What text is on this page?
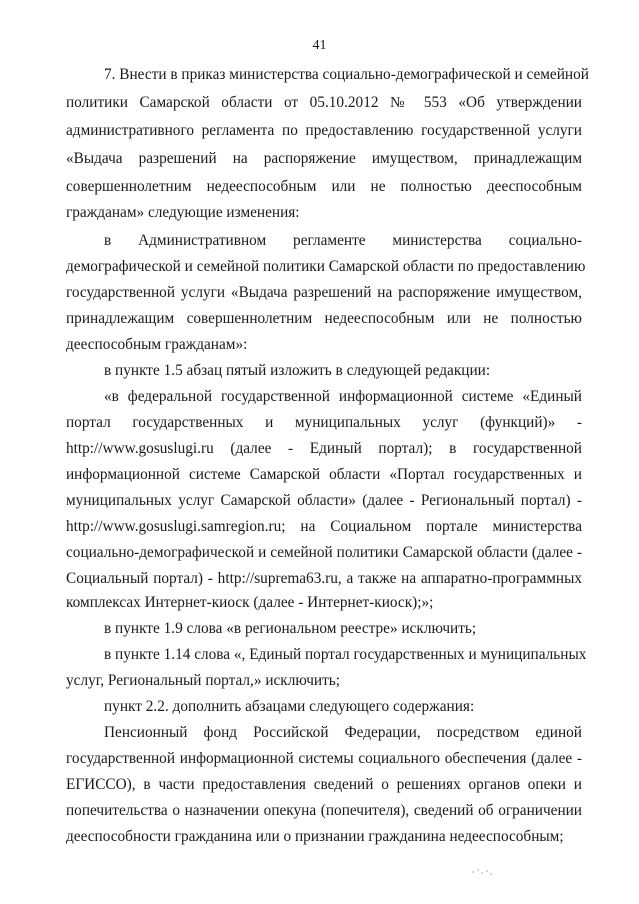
41
7. Внести в приказ министерства социально-демографической и семейной
политики Самарской области от 05.10.2012 № 553 «Об утверждении
административного регламента по предоставлению государственной услуги
«Выдача разрешений на распоряжение имуществом, принадлежащим
совершеннолетним недееспособным или не полностью дееспособным
гражданам» следующие изменения:
в Административном регламенте министерства социально-
демографической и семейной политики Самарской области по предоставлению
государственной услуги «Выдача разрешений на распоряжение имуществом,
принадлежащим совершеннолетним недееспособным или не полностью
дееспособным гражданам»:
в пункте 1.5 абзац пятый изложить в следующей редакции:
«в федеральной государственной информационной системе «Единый
портал государственных и муниципальных услуг (функций)» -
http://www.gosuslugi.ru (далее - Единый портал); в государственной
информационной системе Самарской области «Портал государственных и
муниципальных услуг Самарской области» (далее - Региональный портал) -
http://www.gosuslugi.samregion.ru; на Социальном портале министерства
социально-демографической и семейной политики Самарской области (далее -
Социальный портал) - http://suprema63.ru, а также на аппаратно-программных
комплексах Интернет-киоск (далее - Интернет-киоск);»;
в пункте 1.9 слова «в региональном реестре» исключить;
в пункте 1.14 слова «, Единый портал государственных и муниципальных
услуг, Региональный портал,» исключить;
пункт 2.2. дополнить абзацами следующего содержания:
Пенсионный фонд Российской Федерации, посредством единой
государственной информационной системы социального обеспечения (далее -
ЕГИССО), в части предоставления сведений о решениях органов опеки и
попечительства о назначении опекуна (попечителя), сведений об ограничении
дееспособности гражданина или о признании гражданина недееспособным;
